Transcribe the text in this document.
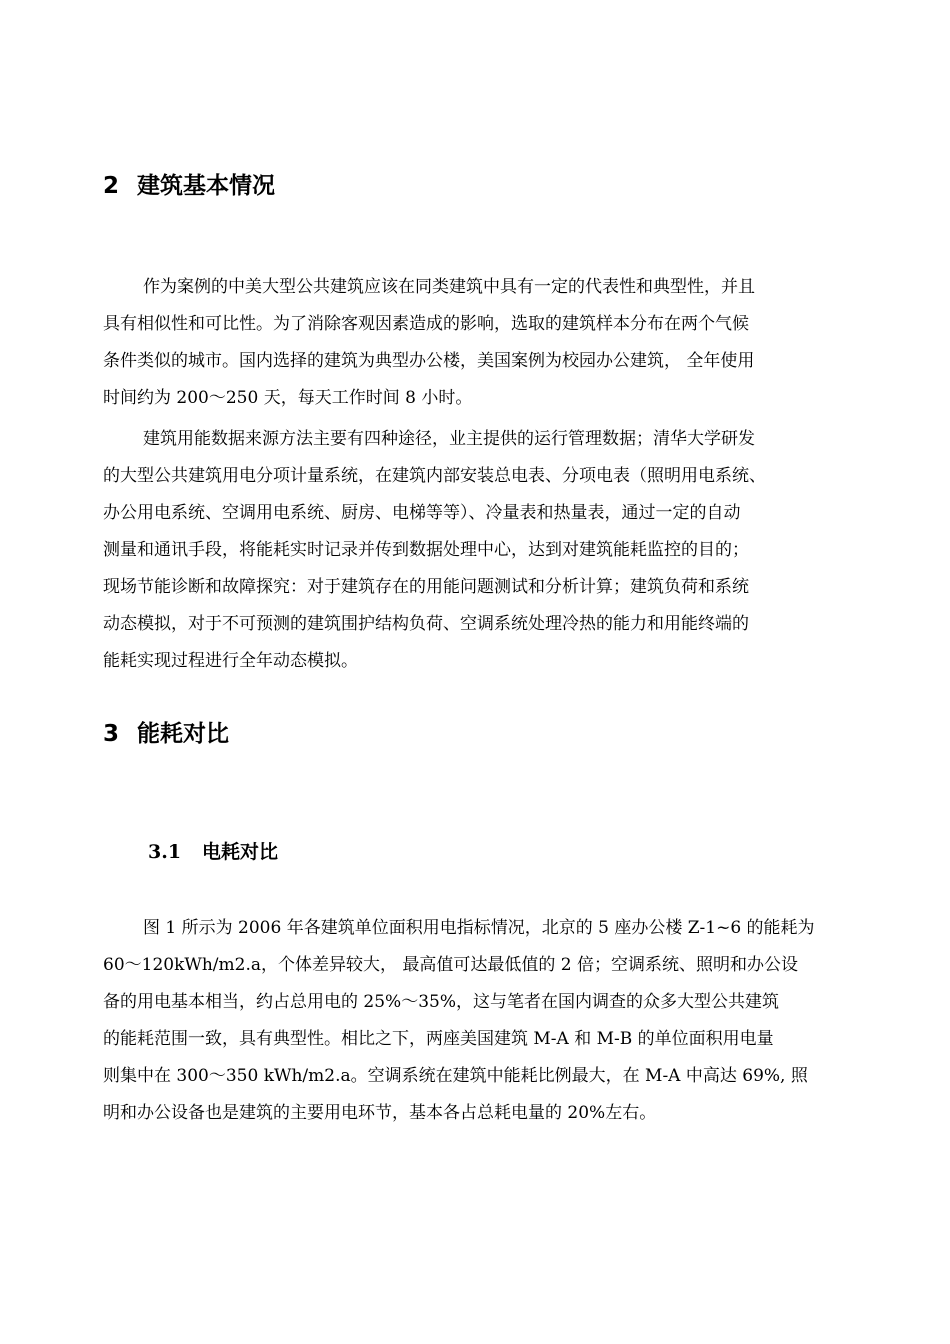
2 建筑基本情况
作为案例的中美大型公共建筑应该在同类建筑中具有一定的代表性和典型性，并且
具有相似性和可比性。为了消除客观因素造成的影响，选取的建筑样本分布在两个气候
条件类似的城市。国内选择的建筑为典型办公楼，美国案例为校园办公建筑， 全年使用
时间约为 200～250 天，每天工作时间 8 小时。
建筑用能数据来源方法主要有四种途径，业主提供的运行管理数据；清华大学研发
的大型公共建筑用电分项计量系统，在建筑内部安装总电表、分项电表（照明用电系统、
办公用电系统、空调用电系统、厨房、电梯等等）、冷量表和热量表，通过一定的自动
测量和通讯手段，将能耗实时记录并传到数据处理中心，达到对建筑能耗监控的目的；
现场节能诊断和故障探究：对于建筑存在的用能问题测试和分析计算；建筑负荷和系统
动态模拟，对于不可预测的建筑围护结构负荷、空调系统处理冷热的能力和用能终端的
能耗实现过程进行全年动态模拟。
3 能耗对比
3.1 电耗对比
图 1 所示为 2006 年各建筑单位面积用电指标情况，北京的 5 座办公楼 Z-1~6 的能耗为
60～120kWh/m2.a，个体差异较大， 最高值可达最低值的 2 倍；空调系统、照明和办公设
备的用电基本相当，约占总用电的 25%～35%，这与笔者在国内调查的众多大型公共建筑
的能耗范围一致，具有典型性。相比之下，两座美国建筑 M-A 和 M-B 的单位面积用电量
则集中在 300～350 kWh/m2.a。空调系统在建筑中能耗比例最大，在 M-A 中高达 69%, 照
明和办公设备也是建筑的主要用电环节，基本各占总耗电量的 20%左右。
